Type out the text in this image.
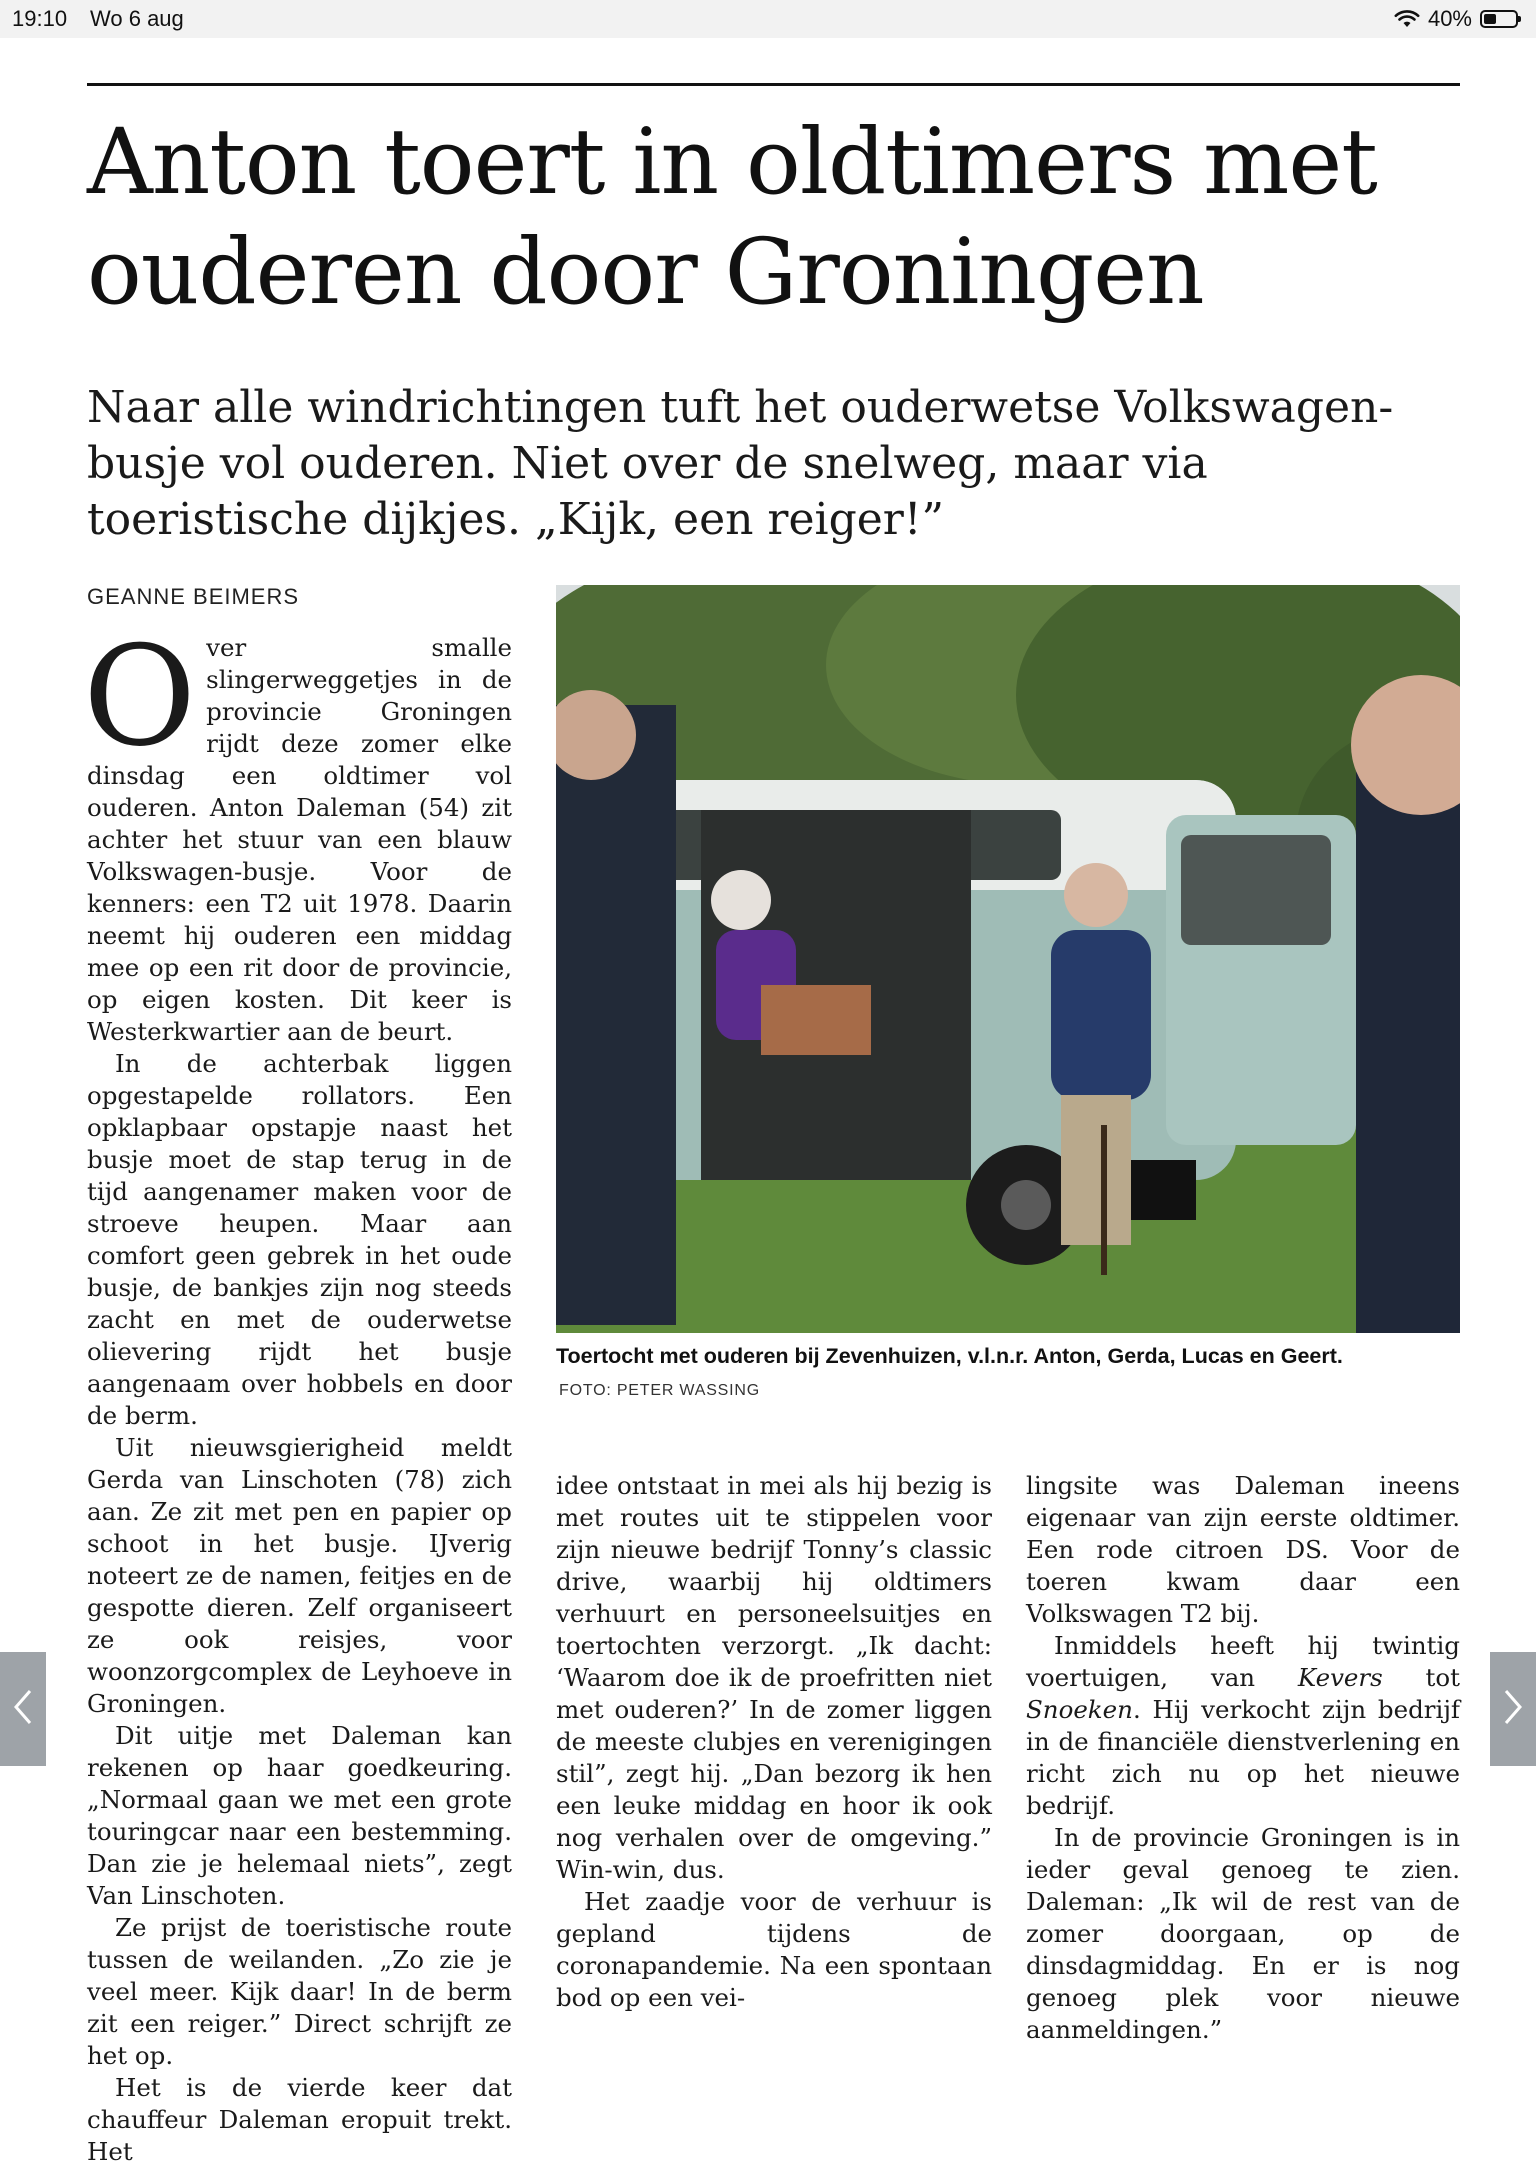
19:10 Wo 6 aug	40%
Anton toert in oldtimers met ouderen door Groningen

Naar alle windrichtingen tuft het ouderwetse Volkswagen-busje vol ouderen. Niet over de snelweg, maar via toeristische dijkjes. „Kijk, een reiger!”

GEANNE BEIMERS

Over smalle slingerweggetjes in de provincie Groningen rijdt deze zomer elke dinsdag een oldtimer vol ouderen. Anton Daleman (54) zit achter het stuur van een blauw Volkswagen-busje. Voor de kenners: een T2 uit 1978. Daarin neemt hij ouderen een middag mee op een rit door de provincie, op eigen kosten. Dit keer is Westerkwartier aan de beurt.

In de achterbak liggen opgestapelde rollators. Een opklapbaar opstapje naast het busje moet de stap terug in de tijd aangenamer maken voor de stroeve heupen. Maar aan comfort geen gebrek in het oude busje, de bankjes zijn nog steeds zacht en met de ouderwetse olievering rijdt het busje aangenaam over hobbels en door de berm.

Uit nieuwsgierigheid meldt Gerda van Linschoten (78) zich aan. Ze zit met pen en papier op schoot in het busje. IJverig noteert ze de namen, feitjes en de gespotte dieren. Zelf organiseert ze ook reisjes, voor woonzorgcomplex de Leyhoeve in Groningen.

Dit uitje met Daleman kan rekenen op haar goedkeuring. „Normaal gaan we met een grote touringcar naar een bestemming. Dan zie je helemaal niets”, zegt Van Linschoten.

Ze prijst de toeristische route tussen de weilanden. „Zo zie je veel meer. Kijk daar! In de berm zit een reiger.” Direct schrijft ze het op.

Het is de vierde keer dat chauffeur Daleman eropuit trekt. Het

Toertocht met ouderen bij Zevenhuizen, v.l.n.r. Anton, Gerda, Lucas en Geert.
FOTO: PETER WASSING

idee ontstaat in mei als hij bezig is met routes uit te stippelen voor zijn nieuwe bedrijf Tonny’s classic drive, waarbij hij oldtimers verhuurt en personeelsuitjes en toertochten verzorgt. „Ik dacht: ‘Waarom doe ik de proefritten niet met ouderen?’ In de zomer liggen de meeste clubjes en verenigingen stil”, zegt hij. „Dan bezorg ik hen een leuke middag en hoor ik ook nog verhalen over de omgeving.” Win-win, dus.

Het zaadje voor de verhuur is gepland tijdens de coronapandemie. Na een spontaan bod op een vei-

lingsite was Daleman ineens eigenaar van zijn eerste oldtimer. Een rode citroen DS. Voor de toeren kwam daar een Volkswagen T2 bij.

Inmiddels heeft hij twintig voertuigen, van Kevers tot Snoeken. Hij verkocht zijn bedrijf in de financiële dienstverlening en richt zich nu op het nieuwe bedrijf.

In de provincie Groningen is in ieder geval genoeg te zien. Daleman: „Ik wil de rest van de zomer doorgaan, op de dinsdagmiddag. En er is nog genoeg plek voor nieuwe aanmeldingen.”
